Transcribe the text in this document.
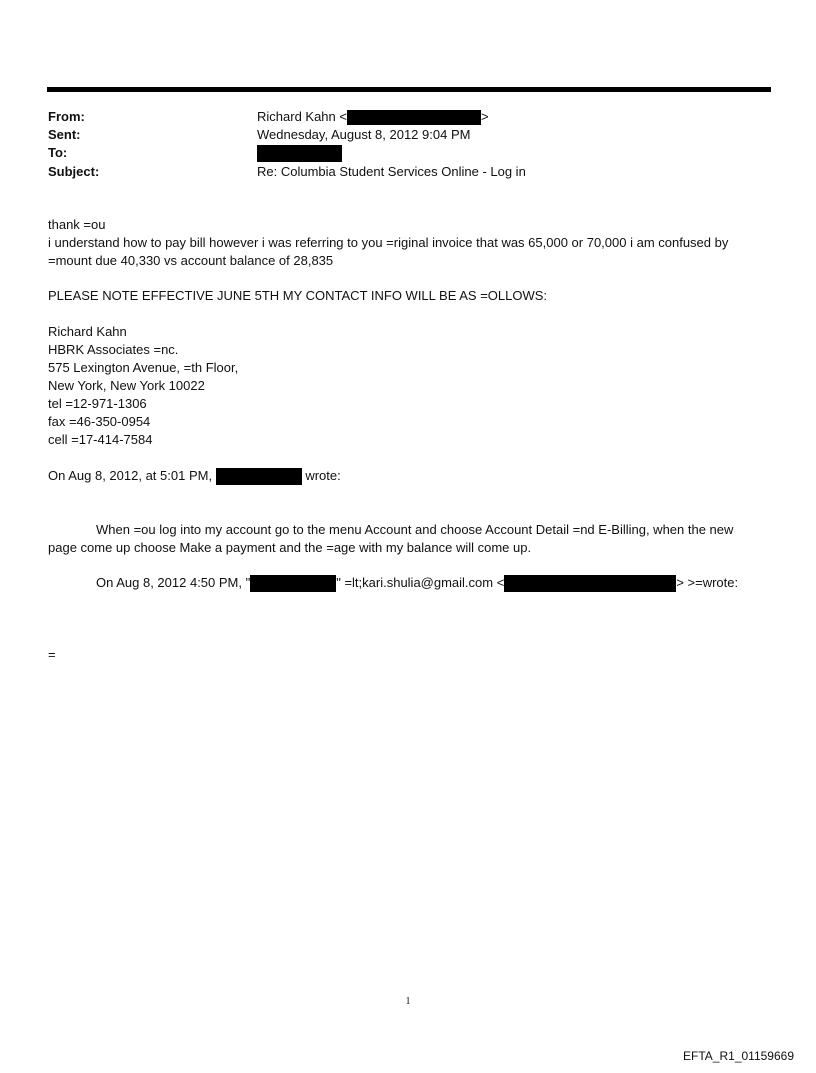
From:	Richard Kahn <	>
Sent:	Wednesday, August 8, 2012 9:04 PM
To:
Subject:	Re: Columbia Student Services Online - Log in
thank =ou
i understand how to pay bill however i was referring to you =riginal invoice that was 65,000 or 70,000 i am confused by
=mount due 40,330 vs account balance of 28,835
PLEASE NOTE EFFECTIVE JUNE 5TH MY CONTACT INFO WILL BE AS =OLLOWS:
Richard Kahn
HBRK Associates =nc.
575 Lexington Avenue, =th Floor,
New York, New York 10022
tel =12-971-1306
fax =46-350-0954
cell =17-414-7584
On Aug 8, 2012, at 5:01 PM,	wrote:
When =ou log into my account go to the menu Account and choose Account Detail =nd E-Billing, when the new
page come up choose Make a payment and the =age with my balance will come up.
On Aug 8, 2012 4:50 PM, "	" =lt;kari.shulia@gmail.com <	> >=wrote:
=
1
EFTA_R1_01159669
